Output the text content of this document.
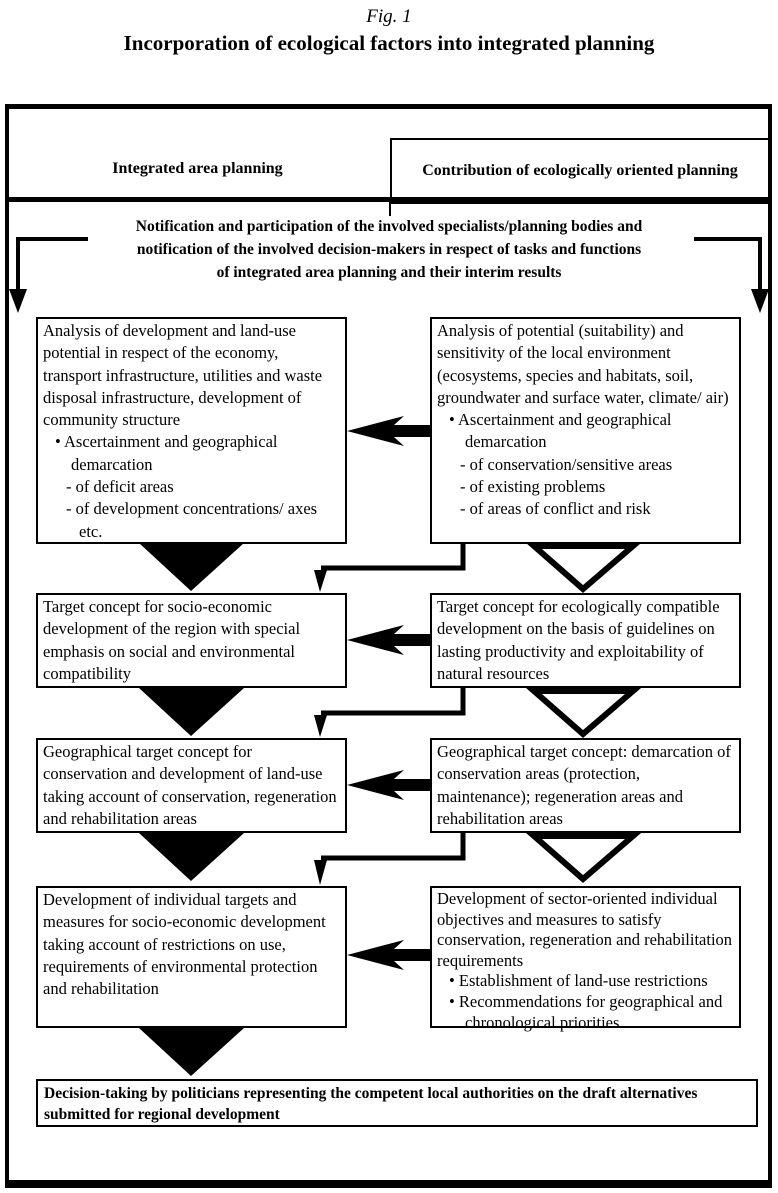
Fig. 1
Incorporation of ecological factors into integrated planning
Integrated area planning	Contribution of ecologically oriented planning
Notification and participation of the involved specialists/planning bodies and
notification of the involved decision-makers in respect of tasks and functions
of integrated area planning and their interim results
Analysis of development and land-use potential in respect of the economy, transport infrastructure, utilities and waste disposal infrastructure, development of community structure
• Ascertainment and geographical demarcation
- of deficit areas
- of development concentrations/ axes etc.
Analysis of potential (suitability) and sensitivity of the local environment (ecosystems, species and habitats, soil, groundwater and surface water, climate/ air)
• Ascertainment and geographical demarcation
- of conservation/sensitive areas
- of existing problems
- of areas of conflict and risk
Target concept for socio-economic development of the region with special emphasis on social and environmental compatibility
Target concept for ecologically compatible development on the basis of guidelines on lasting productivity and exploitability of natural resources
Geographical target concept for conservation and development of land-use taking account of conservation, regeneration and rehabilitation areas
Geographical target concept: demarcation of conservation areas (protection, maintenance); regeneration areas and rehabilitation areas
Development of individual targets and measures for socio-economic development taking account of restrictions on use, requirements of environmental protection and rehabilitation
Development of sector-oriented individual objectives and measures to satisfy conservation, regeneration and rehabilitation requirements
• Establishment of land-use restrictions
• Recommendations for geographical and chronological priorities
Decision-taking by politicians representing the competent local authorities on the draft alternatives submitted for regional development
